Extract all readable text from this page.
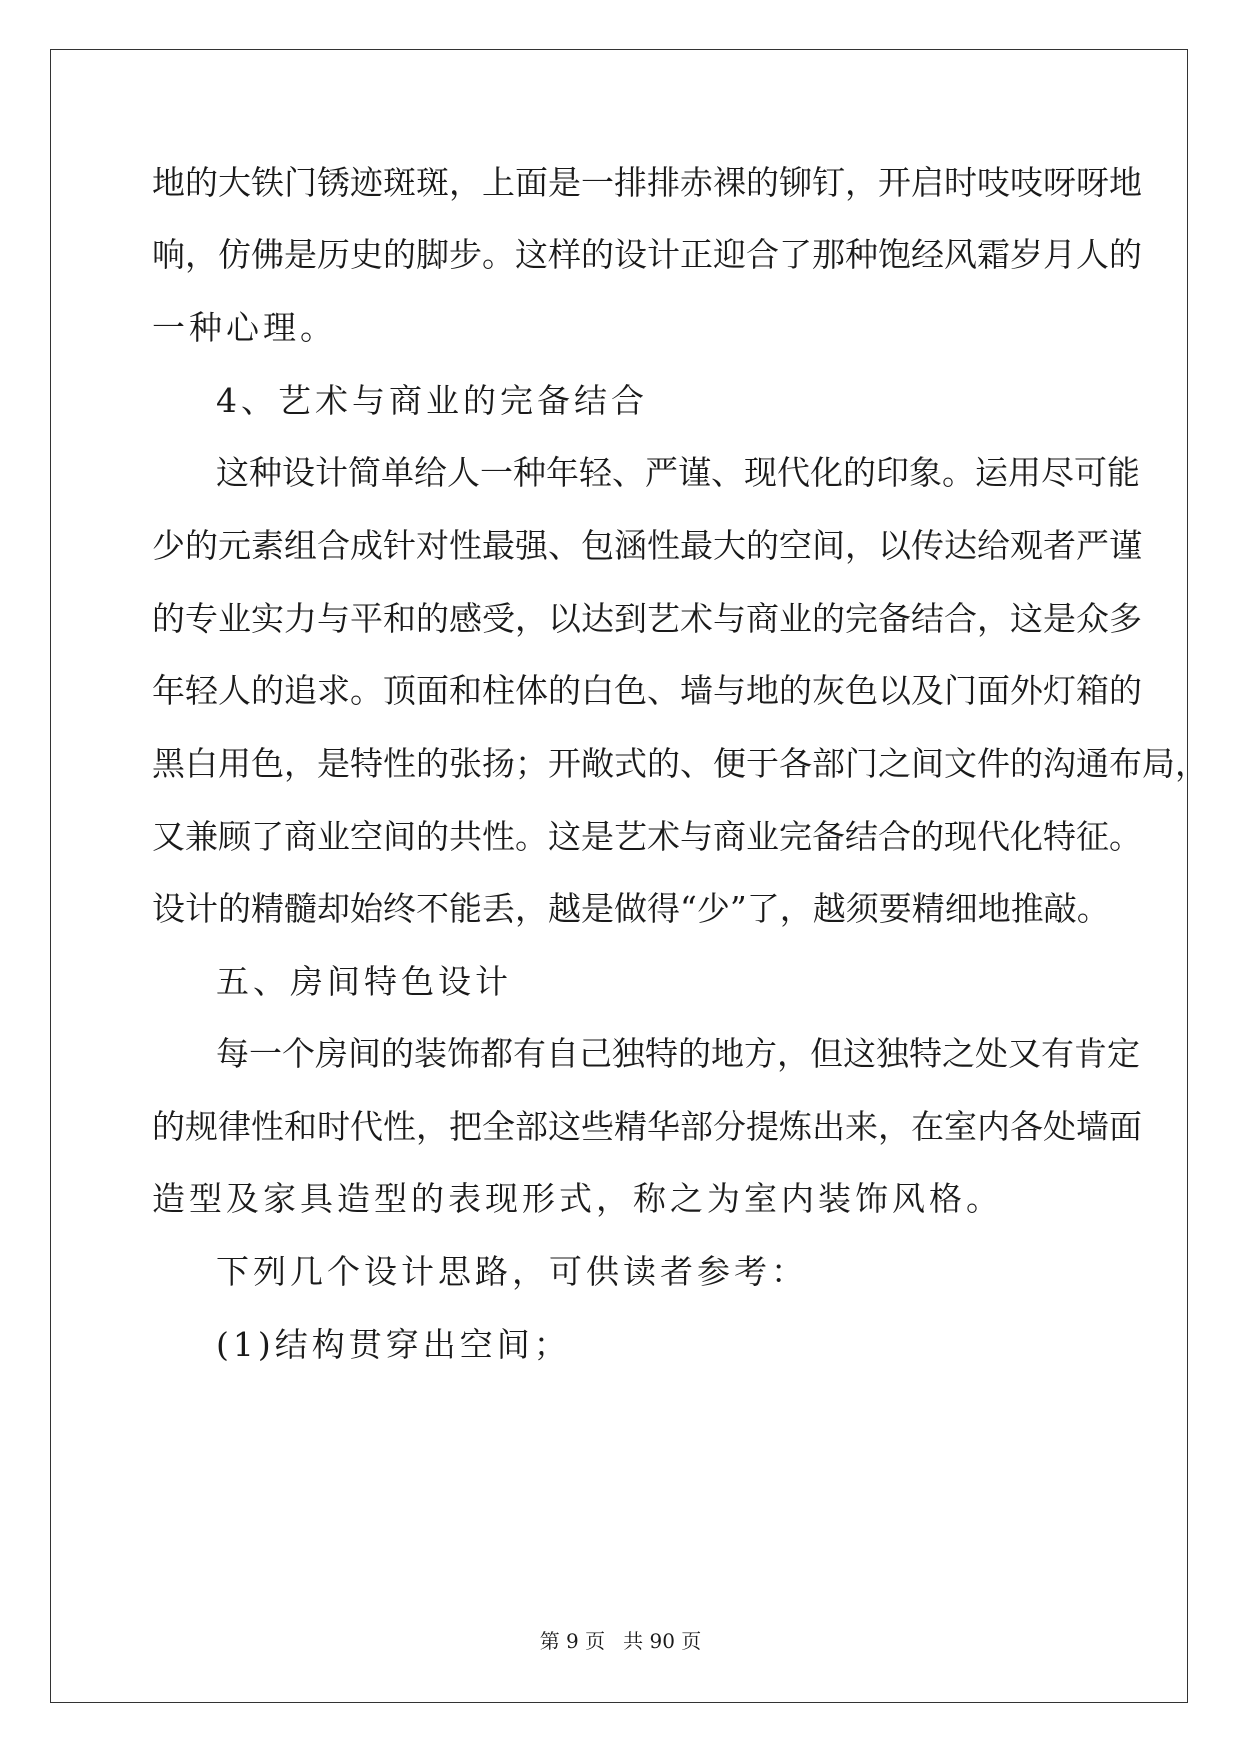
地的大铁门锈迹斑斑，上面是一排排赤裸的铆钉，开启时吱吱呀呀地
响，仿佛是历史的脚步。这样的设计正迎合了那种饱经风霜岁月人的
一种心理。
4、艺术与商业的完备结合
这种设计简单给人一种年轻、严谨、现代化的印象。运用尽可能
少的元素组合成针对性最强、包涵性最大的空间，以传达给观者严谨
的专业实力与平和的感受，以达到艺术与商业的完备结合，这是众多
年轻人的追求。顶面和柱体的白色、墙与地的灰色以及门面外灯箱的
黑白用色，是特性的张扬；开敞式的、便于各部门之间文件的沟通布局，
又兼顾了商业空间的共性。这是艺术与商业完备结合的现代化特征。
设计的精髓却始终不能丢，越是做得“少”了，越须要精细地推敲。
五、房间特色设计
每一个房间的装饰都有自己独特的地方，但这独特之处又有肯定
的规律性和时代性，把全部这些精华部分提炼出来，在室内各处墙面
造型及家具造型的表现形式，称之为室内装饰风格。
下列几个设计思路，可供读者参考：
(1)结构贯穿出空间；
第 9 页 共 90 页
